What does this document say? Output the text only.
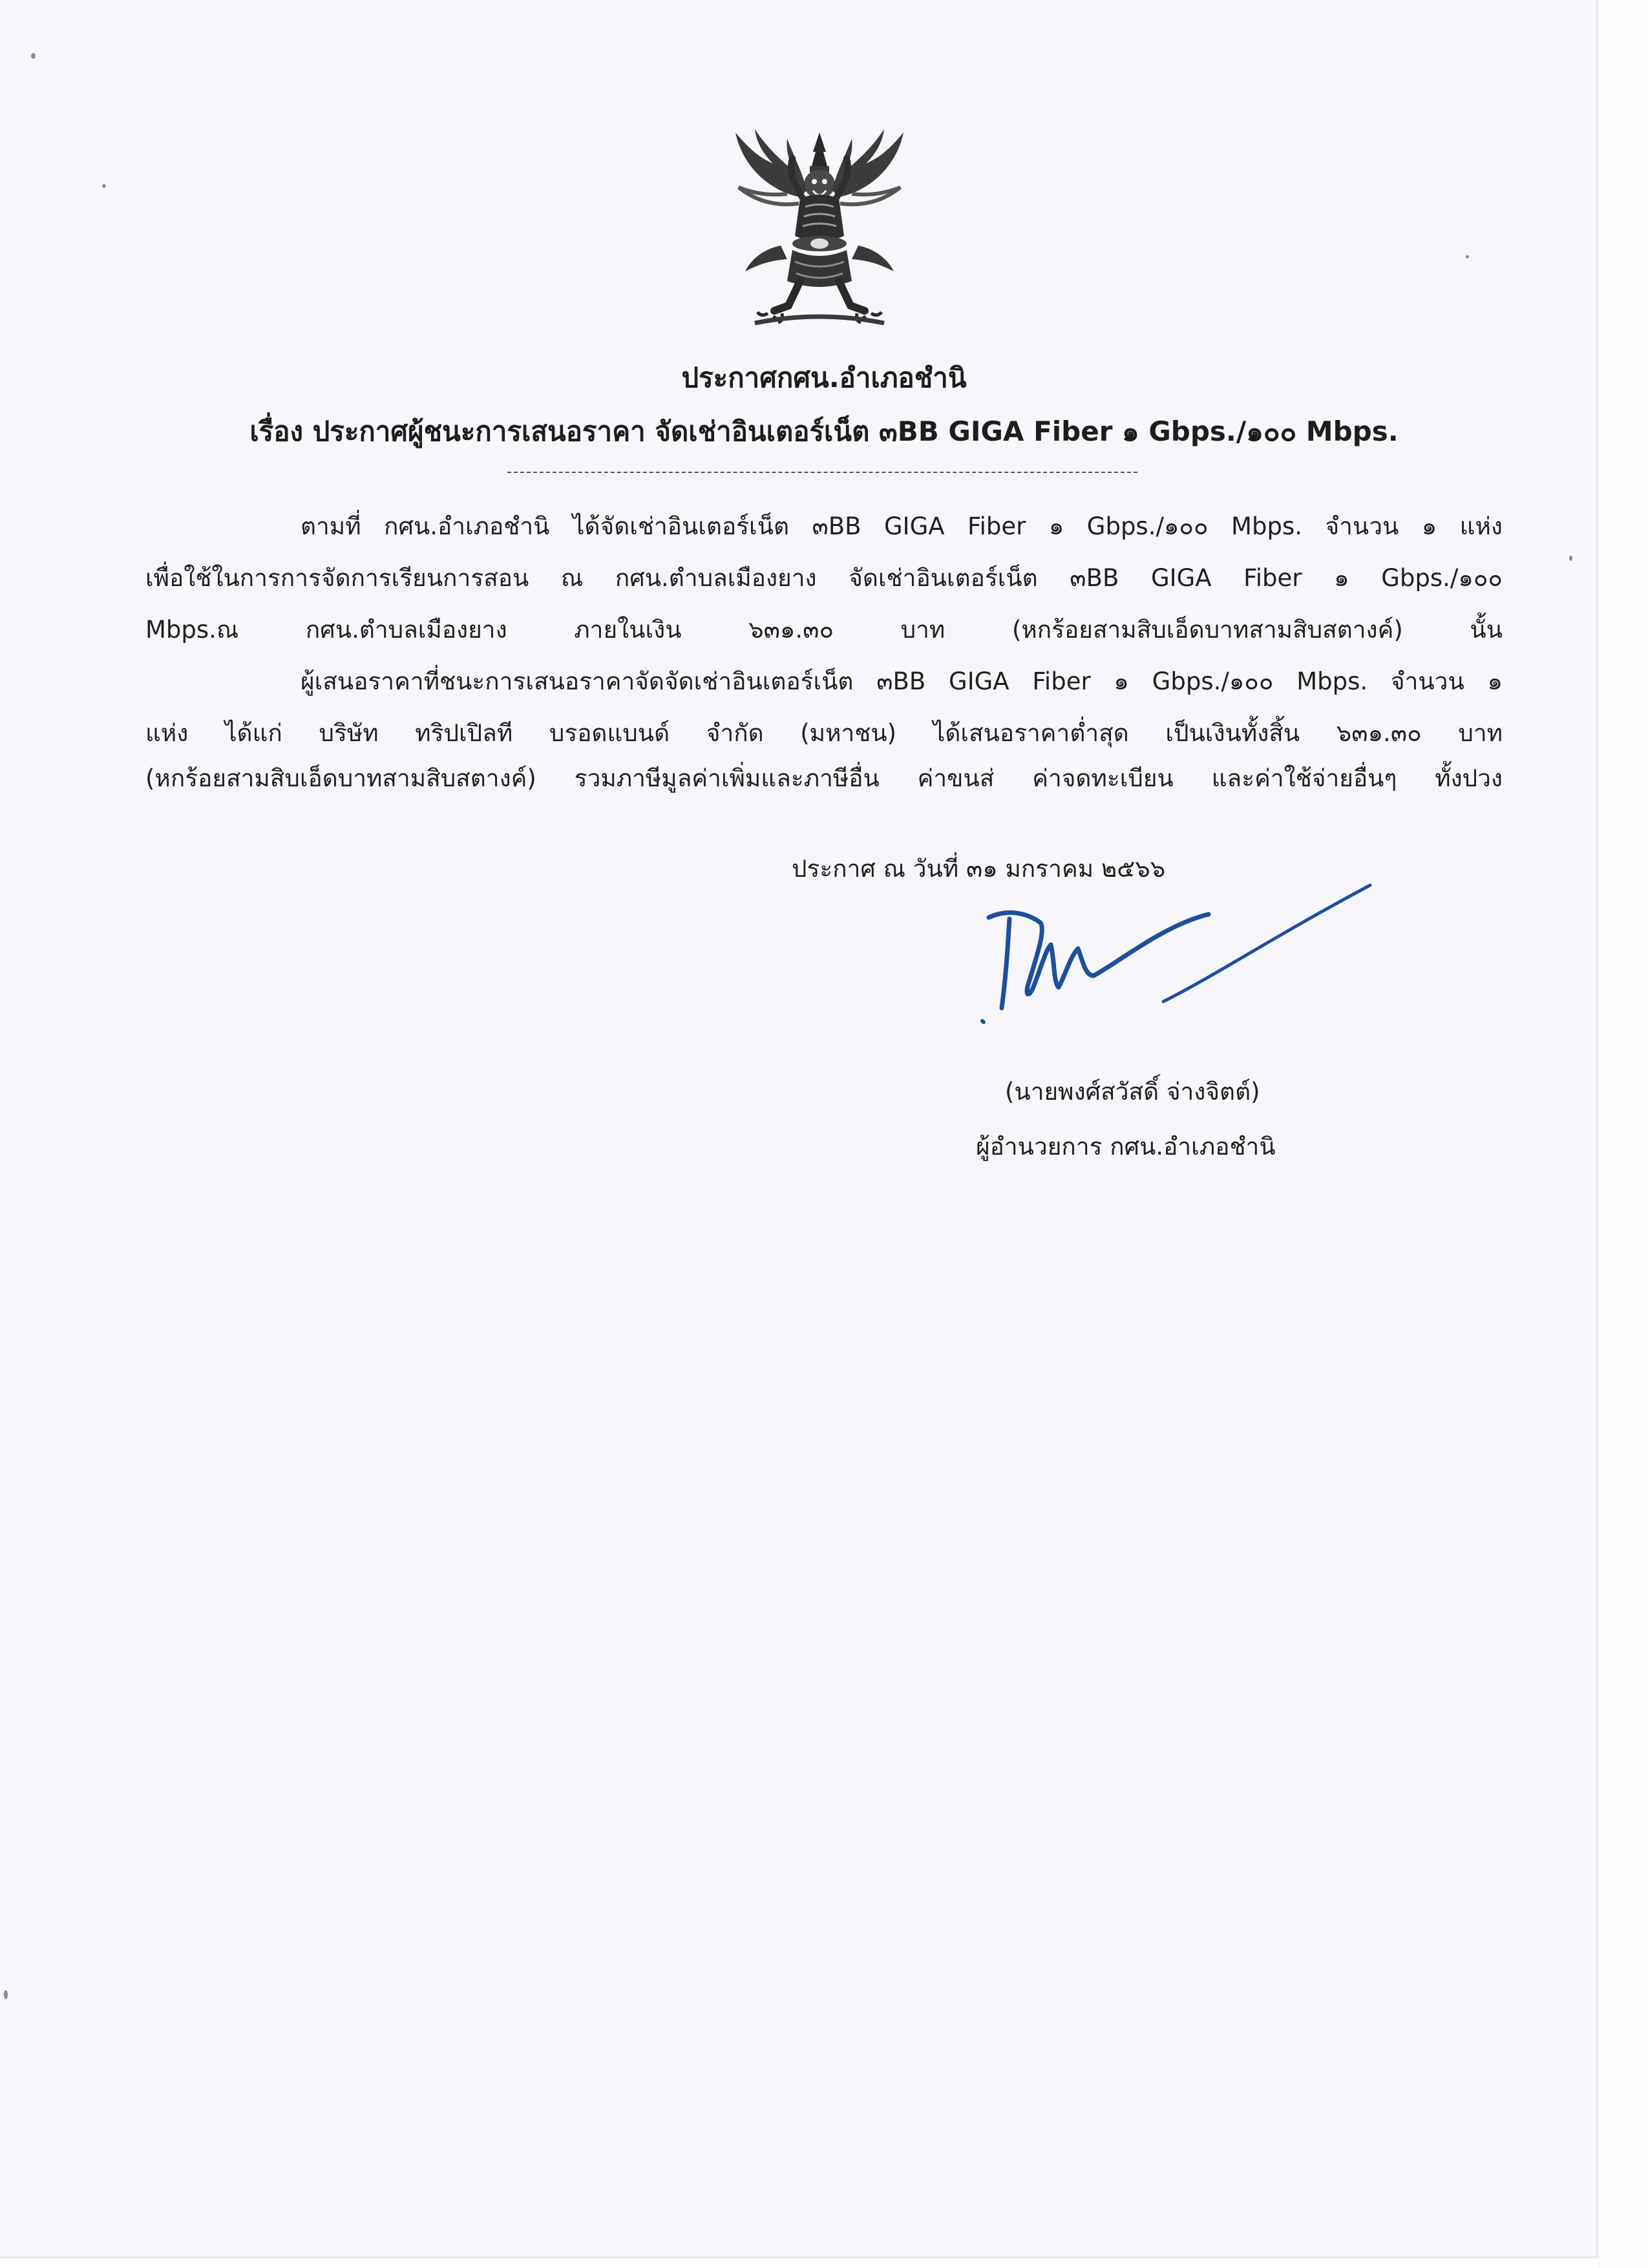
ประกาศกศน.อำเภอชำนิ
เรื่อง ประกาศผู้ชนะการเสนอราคา จัดเช่าอินเตอร์เน็ต ๓BB GIGA Fiber ๑ Gbps./๑๐๐ Mbps.
ตามที่ กศน.อำเภอชำนิ ได้จัดเช่าอินเตอร์เน็ต ๓BB GIGA Fiber ๑ Gbps./๑๐๐ Mbps. จำนวน ๑ แห่ง
เพื่อใช้ในการการจัดการเรียนการสอน ณ กศน.ตำบลเมืองยาง จัดเช่าอินเตอร์เน็ต ๓BB GIGA Fiber ๑ Gbps./๑๐๐
Mbps.ณ กศน.ตำบลเมืองยาง ภายในเงิน ๖๓๑.๓๐ บาท (หกร้อยสามสิบเอ็ดบาทสามสิบสตางค์) นั้น
ผู้เสนอราคาที่ชนะการเสนอราคาจัดจัดเช่าอินเตอร์เน็ต ๓BB GIGA Fiber ๑ Gbps./๑๐๐ Mbps. จำนวน ๑
แห่ง ได้แก่ บริษัท ทริปเปิลที บรอดแบนด์ จำกัด (มหาชน) ได้เสนอราคาต่ำสุด เป็นเงินทั้งสิ้น ๖๓๑.๓๐ บาท
(หกร้อยสามสิบเอ็ดบาทสามสิบสตางค์) รวมภาษีมูลค่าเพิ่มและภาษีอื่น ค่าขนส่ ค่าจดทะเบียน และค่าใช้จ่ายอื่นๆ ทั้งปวง
ประกาศ ณ วันที่ ๓๑ มกราคม ๒๕๖๖
(นายพงศ์สวัสดิ์ จ่างจิตต์)
ผู้อำนวยการ กศน.อำเภอชำนิ
